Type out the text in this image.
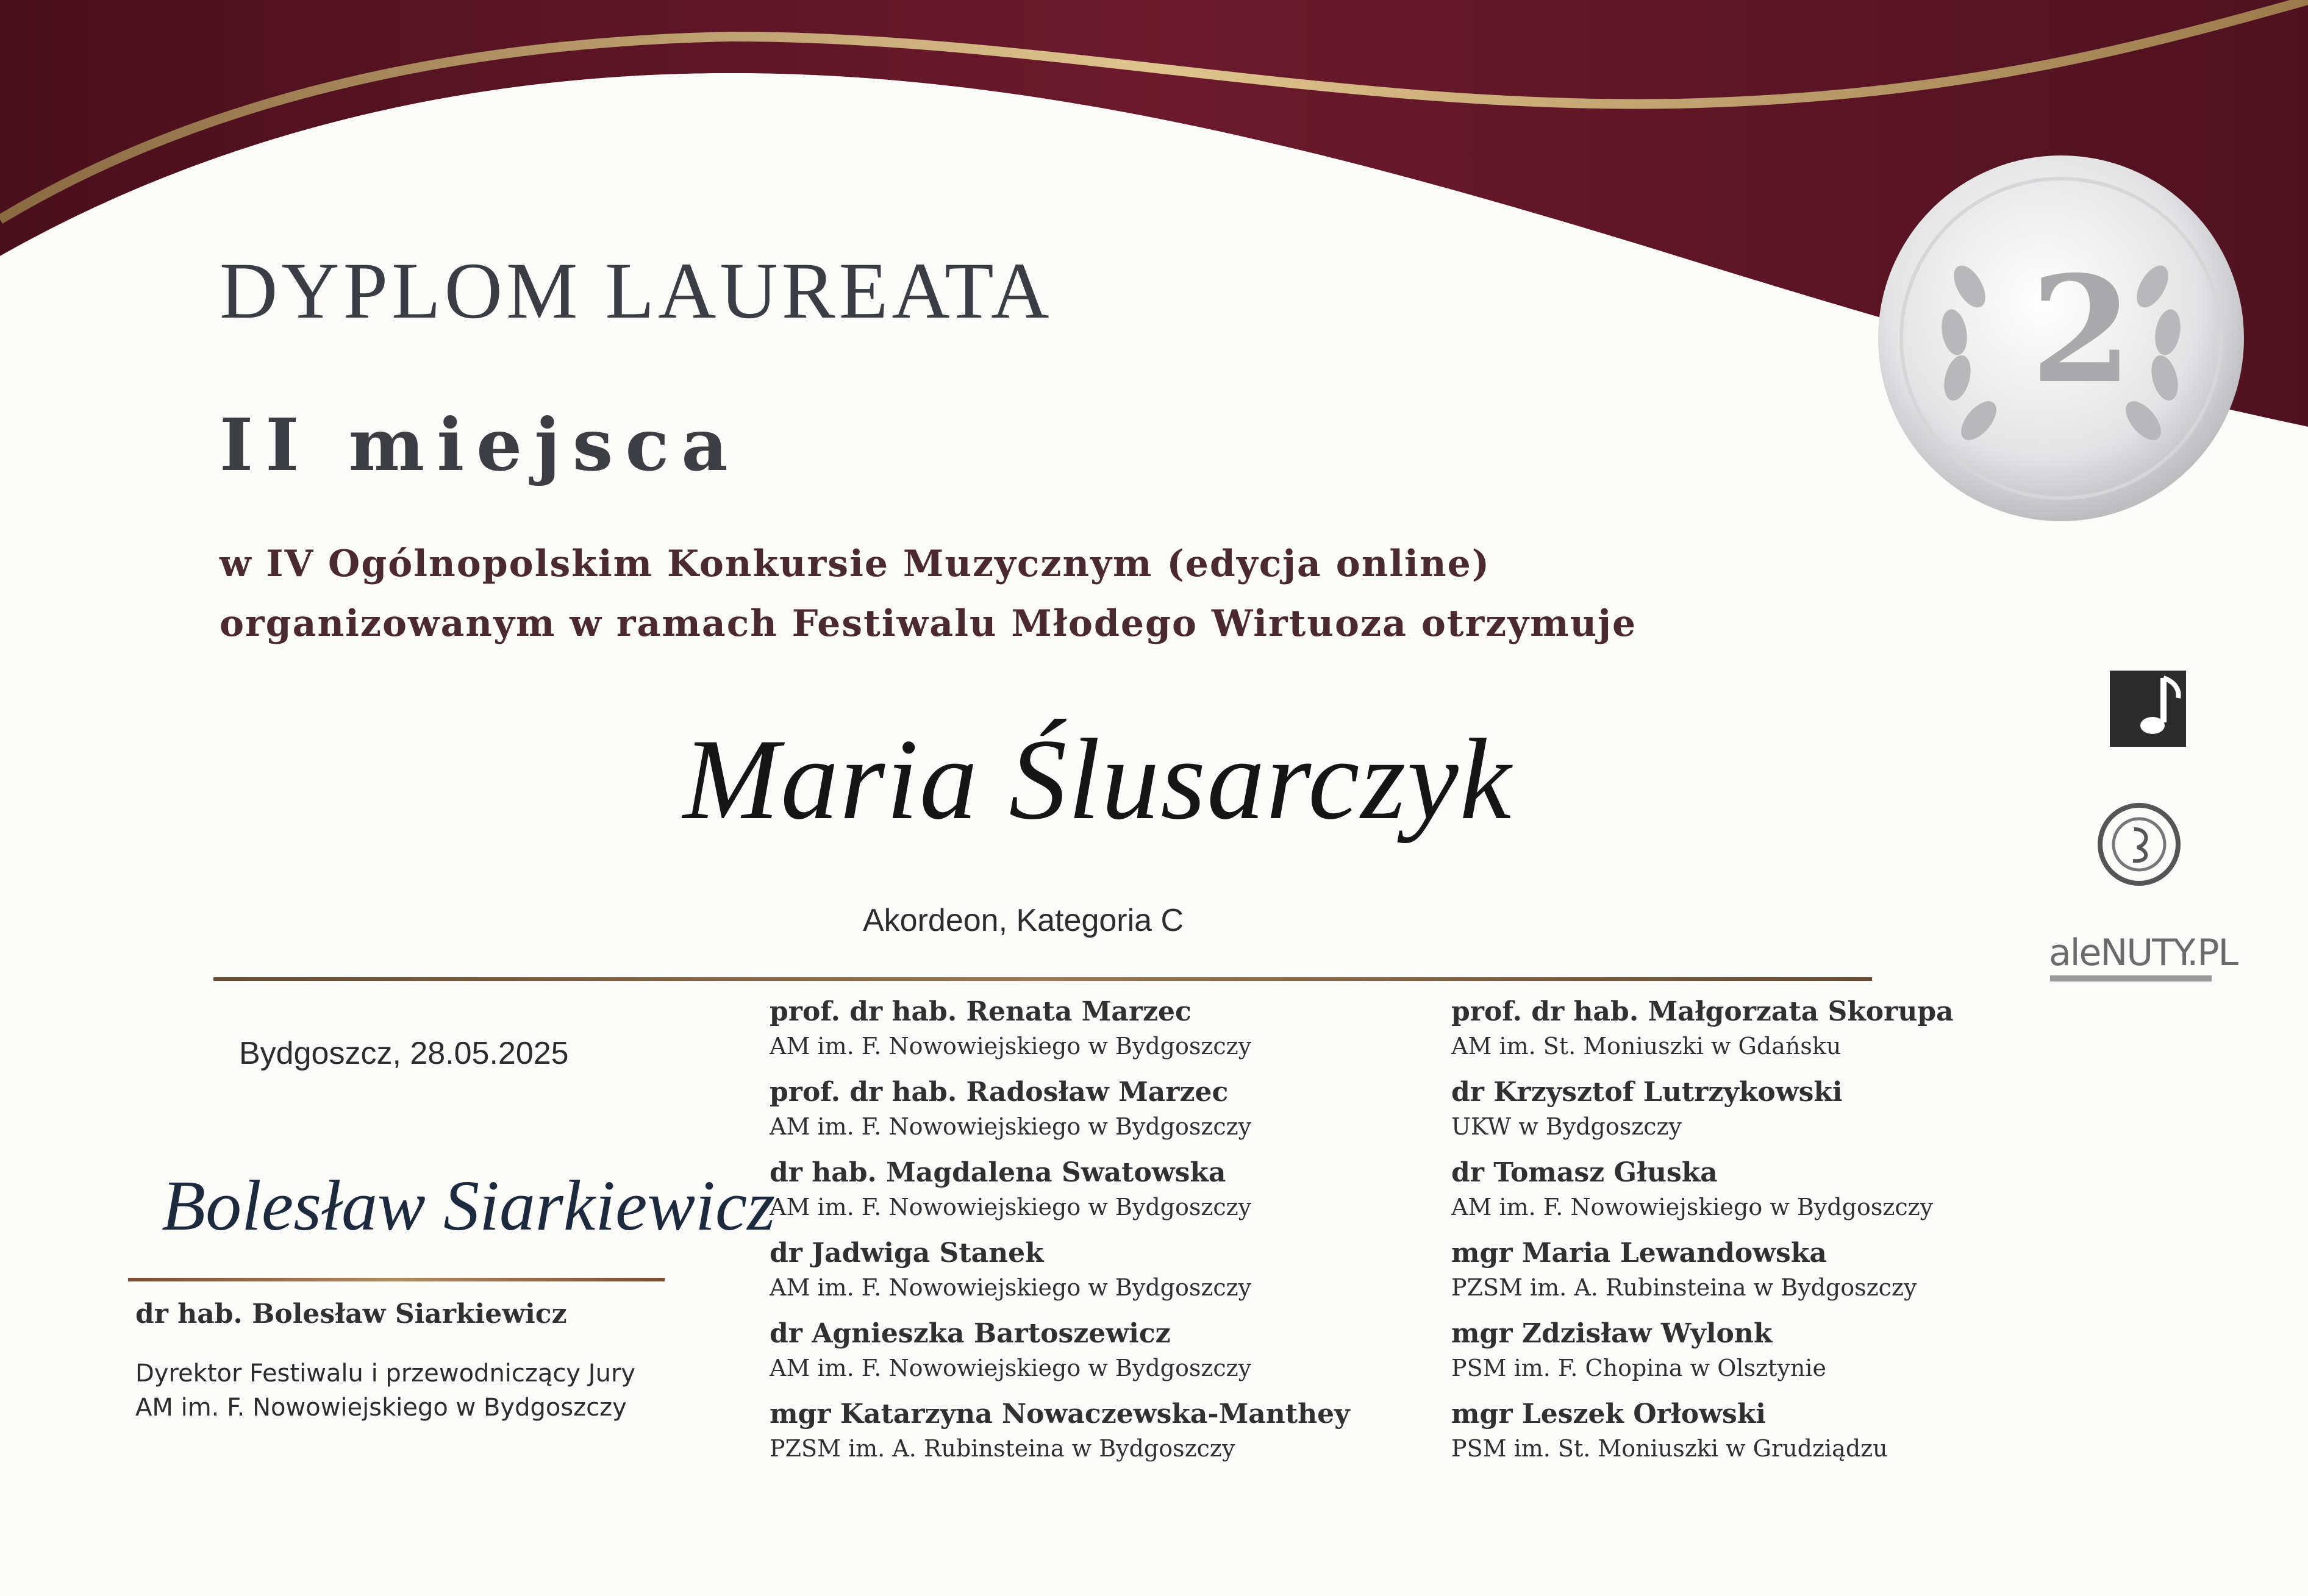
2
DYPLOM LAUREATA
II miejsca
w IV Ogólnopolskim Konkursie Muzycznym (edycja online)
organizowanym w ramach Festiwalu Młodego Wirtuoza otrzymuje
Maria Ślusarczyk
Akordeon, Kategoria C
aleNUTY.PL
Bydgoszcz, 28.05.2025
Bolesław Siarkiewicz
dr hab. Bolesław Siarkiewicz
Dyrektor Festiwalu i przewodniczący Jury
AM im. F. Nowowiejskiego w Bydgoszczy
prof. dr hab. Renata Marzec
AM im. F. Nowowiejskiego w Bydgoszczy
prof. dr hab. Radosław Marzec
AM im. F. Nowowiejskiego w Bydgoszczy
dr hab. Magdalena Swatowska
AM im. F. Nowowiejskiego w Bydgoszczy
dr Jadwiga Stanek
AM im. F. Nowowiejskiego w Bydgoszczy
dr Agnieszka Bartoszewicz
AM im. F. Nowowiejskiego w Bydgoszczy
mgr Katarzyna Nowaczewska-Manthey
PZSM im. A. Rubinsteina w Bydgoszczy
prof. dr hab. Małgorzata Skorupa
AM im. St. Moniuszki w Gdańsku
dr Krzysztof Lutrzykowski
UKW w Bydgoszczy
dr Tomasz Głuska
AM im. F. Nowowiejskiego w Bydgoszczy
mgr Maria Lewandowska
PZSM im. A. Rubinsteina w Bydgoszczy
mgr Zdzisław Wylonk
PSM im. F. Chopina w Olsztynie
mgr Leszek Orłowski
PSM im. St. Moniuszki w Grudziądzu
